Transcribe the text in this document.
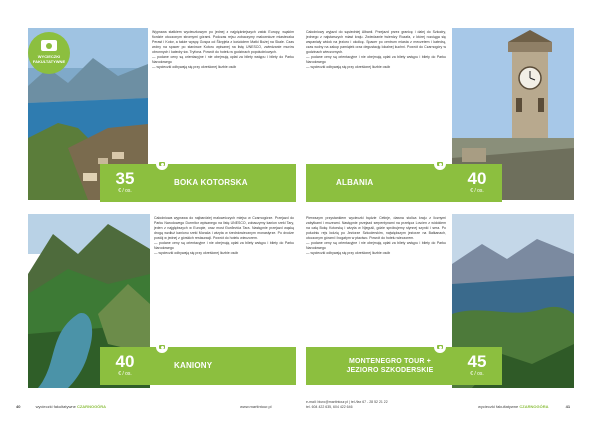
WYCIECZKI FAKULTATYWNE

Wyprawa statkiem wycieczkowym po jednej z najpiękniejszych zatok Europy, wąskim fiordzie otoczonym stromymi górami. Podczas rejsu zobaczymy malownicze miasteczka Perast i Kotor, a także wyspę Gospa od Škrpjela z kościołem Matki Bożej na Skale. Czas wolny na spacer po starówce Kotoru wpisanej na listę UNESCO, zwiedzanie murów obronnych i katedry św. Tryfona. Powrót do hotelu w godzinach popołudniowych.

— podane ceny są orientacyjne i nie obejmują opłat za bilety wstępu i bilety do Parku Narodowego
— wycieczki odbywają się przy określonej liczbie osób
35
€ / os.
BOKA KOTORSKA

Całodniowa wyprawa do najbardziej malowniczych miejsc w Czarnogórze. Przejazd do Parku Narodowego Durmitor wpisanego na listę UNESCO, zobaczymy kanion rzeki Tary, jeden z najgłębszych w Europie, oraz most Đurđevića Tara. Następnie przejazd wąską drogą wzdłuż kanionu rzeki Morača i wizyta w średniowiecznym monastyrze. Po drodze postój w jednej z górskich restauracji. Powrót do hotelu wieczorem.

— podane ceny są orientacyjne i nie obejmują opłat za bilety wstępu i bilety do Parku Narodowego
— wycieczki odbywają się przy określonej liczbie osób
40
€ / os.
KANIONY

Całodniowy wyjazd do sąsiedniej Albanii. Przejazd przez granicę i dalej do Szkodry, jednego z najstarszych miast kraju. Zwiedzanie twierdzy Rozafa, z której rozciąga się wspaniały widok na jezioro i okolicę. Spacer po centrum miasta z meczetem i katedrą, czas wolny na zakup pamiątek oraz degustację lokalnej kuchni. Powrót do Czarnogóry w godzinach wieczornych.

— podane ceny są orientacyjne i nie obejmują opłat za bilety wstępu i bilety do Parku Narodowego
— wycieczki odbywają się przy określonej liczbie osób
ALBANIA	40
€ / os.

Pierwszym przystankiem wycieczki będzie Cetinje, dawna stolica kraju z licznymi zabytkami i muzeami. Następnie przejazd serpentynami na przełęcz Lovćen z widokiem na całą Bokę Kotorską i wizyta w Njeguši, gdzie spróbujemy słynnej szynki i sera. Po południu rejs łodzią po Jeziorze Szkoderskim, największym jeziorze na Bałkanach, otoczonym górami i bogatym w ptactwo. Powrót do hotelu wieczorem.

— podane ceny są orientacyjne i nie obejmują opłat za bilety wstępu i bilety do Parku Narodowego
— wycieczki odbywają się przy określonej liczbie osób
MONTENEGRO TOUR + JEZIORO SZKODERSKIE	45
€ / os.
40	wycieczki fakultatywne CZARNOGÓRA	www.martintour.pl
e-mail: biuro@martintour.pl | tel./fax 67 - 28 52 21 22
tel. 604 422 635, 604 422 646	wycieczki fakultatywne CZARNOGÓRA	41
